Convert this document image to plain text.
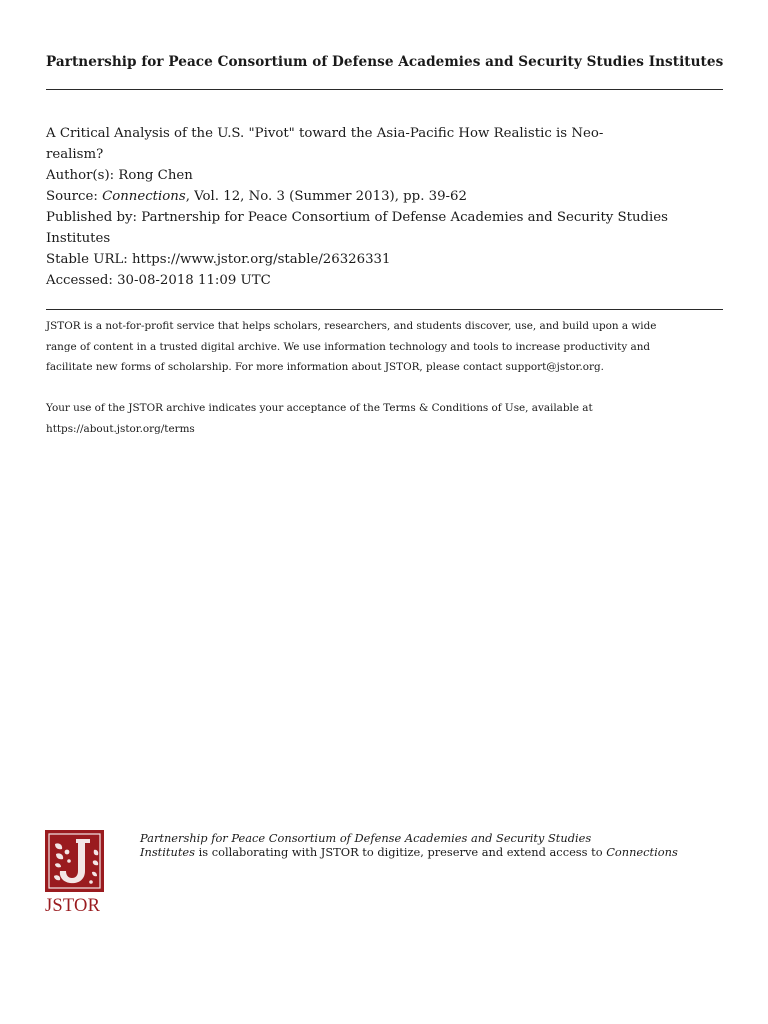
Partnership for Peace Consortium of Defense Academies and Security Studies Institutes
A Critical Analysis of the U.S. "Pivot" toward the Asia-Pacific How Realistic is Neo-
realism?
Author(s): Rong Chen
Source: Connections, Vol. 12, No. 3 (Summer 2013), pp. 39-62
Published by: Partnership for Peace Consortium of Defense Academies and Security Studies
Institutes
Stable URL: https://www.jstor.org/stable/26326331
Accessed: 30-08-2018 11:09 UTC
JSTOR is a not-for-profit service that helps scholars, researchers, and students discover, use, and build upon a wide
range of content in a trusted digital archive. We use information technology and tools to increase productivity and
facilitate new forms of scholarship. For more information about JSTOR, please contact support@jstor.org.
Your use of the JSTOR archive indicates your acceptance of the Terms & Conditions of Use, available at
https://about.jstor.org/terms
JSTOR
Partnership for Peace Consortium of Defense Academies and Security Studies
Institutes is collaborating with JSTOR to digitize, preserve and extend access to Connections
